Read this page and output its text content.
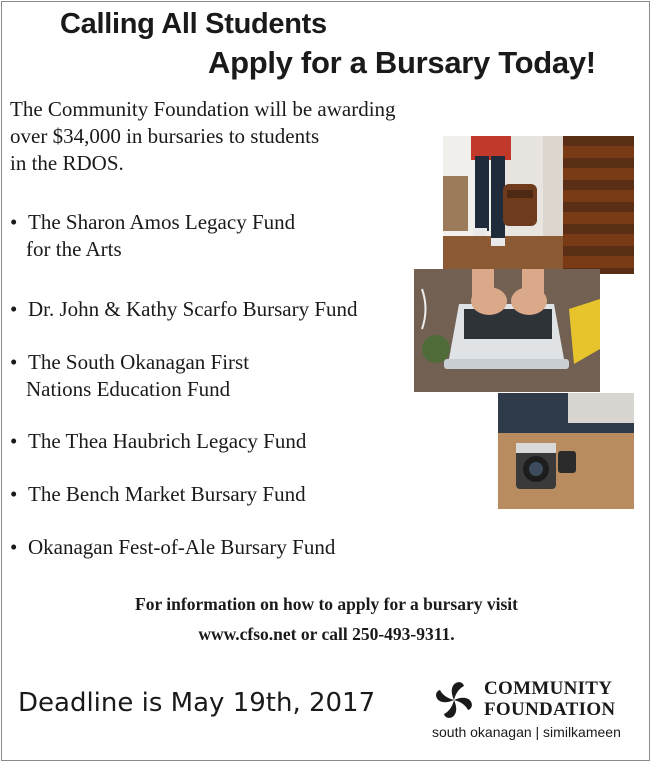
Calling All Students
Apply for a Bursary Today!
The Community Foundation will be awarding
over $34,000 in bursaries to students
in the RDOS.
• The Sharon Amos Legacy Fund
for the Arts
• Dr. John & Kathy Scarfo Bursary Fund
• The South Okanagan First
Nations Education Fund
• The Thea Haubrich Legacy Fund
• The Bench Market Bursary Fund
• Okanagan Fest-of-Ale Bursary Fund
For information on how to apply for a bursary visit
www.cfso.net or call 250-493-9311.
Deadline is May 19th, 2017	COMMUNITY
FOUNDATION
south okanagan | similkameen
